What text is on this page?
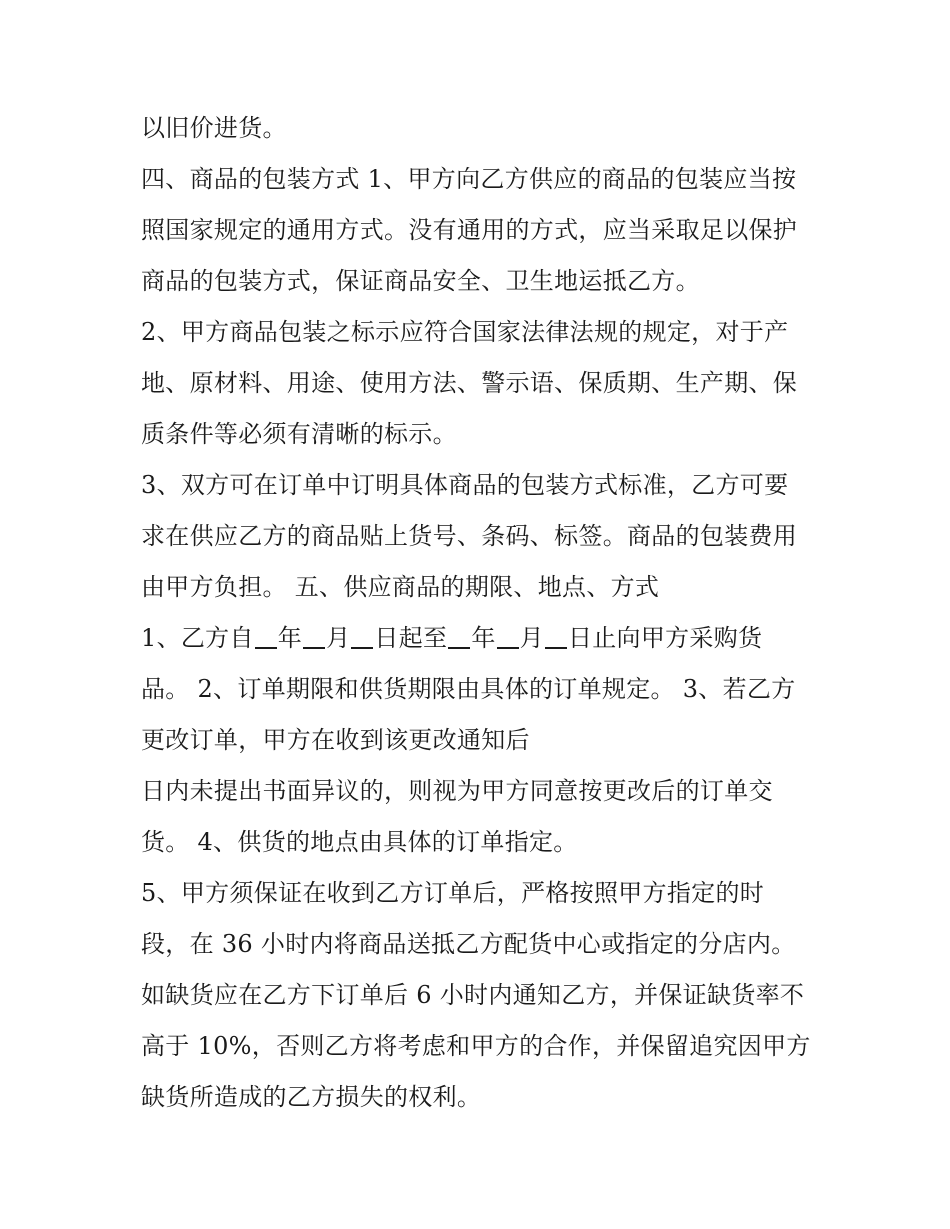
以旧价进货。
四、商品的包装方式 1、甲方向乙方供应的商品的包装应当按
照国家规定的通用方式。没有通用的方式，应当采取足以保护
商品的包装方式，保证商品安全、卫生地运抵乙方。
2、甲方商品包装之标示应符合国家法律法规的规定，对于产
地、原材料、用途、使用方法、警示语、保质期、生产期、保
质条件等必须有清晰的标示。
3、双方可在订单中订明具体商品的包装方式标准，乙方可要
求在供应乙方的商品贴上货号、条码、标签。商品的包装费用
由甲方负担。 五、供应商品的期限、地点、方式
1、乙方自 年 月 日起至 年 月 日止向甲方采购货
品。 2、订单期限和供货期限由具体的订单规定。 3、若乙方
更改订单，甲方在收到该更改通知后
日内未提出书面异议的，则视为甲方同意按更改后的订单交
货。 4、供货的地点由具体的订单指定。
5、甲方须保证在收到乙方订单后，严格按照甲方指定的时
段，在 36 小时内将商品送抵乙方配货中心或指定的分店内。
如缺货应在乙方下订单后 6 小时内通知乙方，并保证缺货率不
高于 10%，否则乙方将考虑和甲方的合作，并保留追究因甲方
缺货所造成的乙方损失的权利。
